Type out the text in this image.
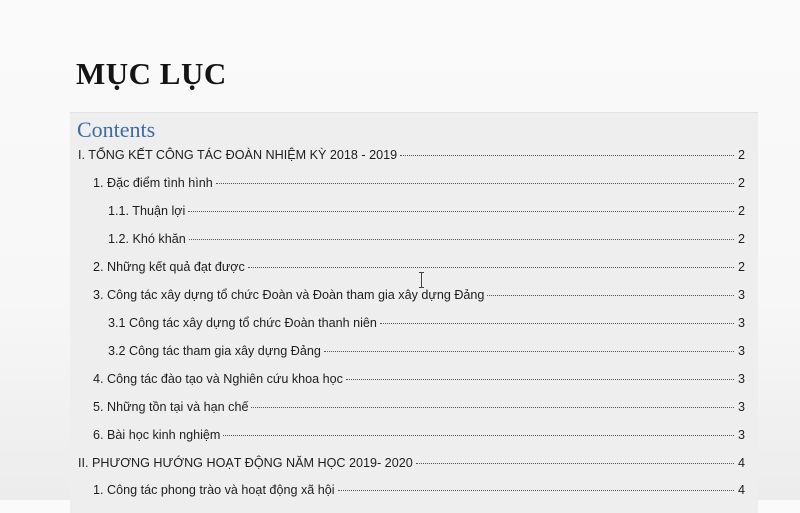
MỤC LỤC
Contents
I. TỔNG KẾT CÔNG TÁC ĐOÀN NHIỆM KỲ 2018 - 2019	2
1. Đặc điểm tình hình	2
1.1. Thuận lợi	2
1.2. Khó khăn	2
2. Những kết quả đạt được	2
3. Công tác xây dựng tổ chức Đoàn và Đoàn tham gia xây dựng Đảng	3
3.1 Công tác xây dựng tổ chức Đoàn thanh niên	3
3.2 Công tác tham gia xây dựng Đảng	3
4. Công tác đào tạo và Nghiên cứu khoa học	3
5. Những tồn tại và hạn chế	3
6. Bài học kinh nghiệm	3
II. PHƯƠNG HƯỚNG HOẠT ĐỘNG NĂM HỌC 2019- 2020	4
1. Công tác phong trào và hoạt động xã hội	4
